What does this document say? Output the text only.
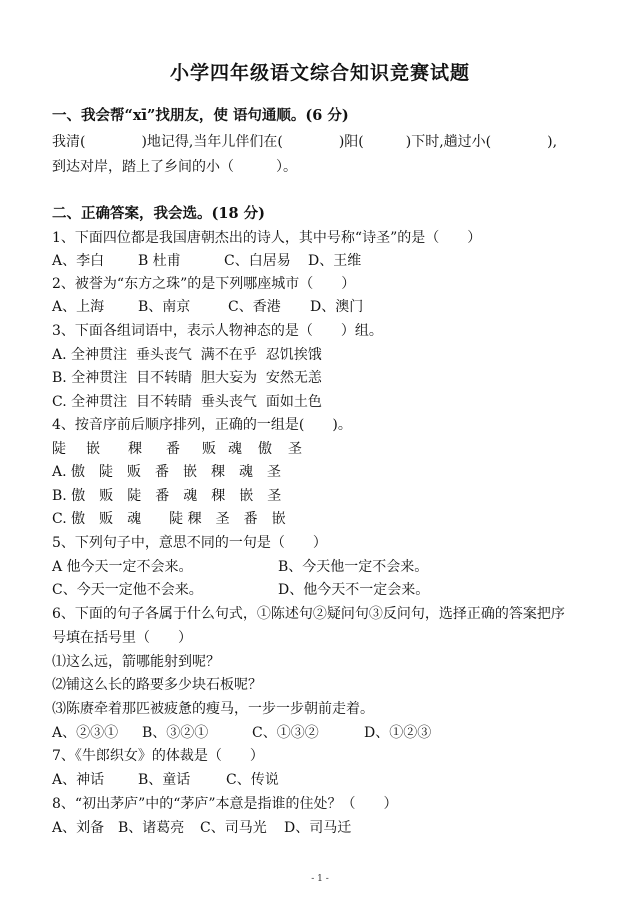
小学四年级语文综合知识竞赛试题
一、我会帮“xī”找朋友，使 语句通顺。(6 分)
我清(　　　　)地记得,当年儿伴们在(　　　　)阳(　　　)下时,趟过小(　　　　),
到达对岸，踏上了乡间的小（　　　）。
二、正确答案，我会选。(18 分)
1、下面四位都是我国唐朝杰出的诗人，其中号称“诗圣”的是（　　）
A、李白	B 杜甫	C、白居易	D、王维
2、被誉为“东方之珠”的是下列哪座城市（　　）
A、上海	B、南京	C、香港	D、澳门
3、下面各组词语中，表示人物神态的是（　　）组。
A. 全神贯注  垂头丧气  满不在乎  忍饥挨饿
B. 全神贯注  目不转睛  胆大妄为  安然无恙
C. 全神贯注  目不转睛  垂头丧气  面如土色
4、按音序前后顺序排列，正确的一组是(　　)。
陡	嵌	稞	番	贩 魂	傲	圣
A. 傲　陡　贩　番　嵌　稞　魂　圣
B. 傲　贩　陡　番　魂　稞　嵌　圣
C. 傲　贩　魂　　陡 稞　圣　番　嵌
5、下列句子中，意思不同的一句是（　　）
A 他今天一定不会来。	B、今天他一定不会来。
C、今天一定他不会来。	D、他今天不一定会来。
6、下面的句子各属于什么句式，①陈述句②疑问句③反问句，选择正确的答案把序
号填在括号里（　　）
⑴这么远，箭哪能射到呢？
⑵铺这么长的路要多少块石板呢？
⑶陈赓牵着那匹被疲惫的瘦马，一步一步朝前走着。
A、②③①	B、③②①	C、①③②	D、①②③
7、《牛郎织女》的体裁是（　　）
A、神话	B、童话	C、传说
8、“初出茅庐”中的“茅庐”本意是指谁的住处？（　　）
A、刘备 B、诸葛亮	C、司马光	D、司马迁
- 1 -
